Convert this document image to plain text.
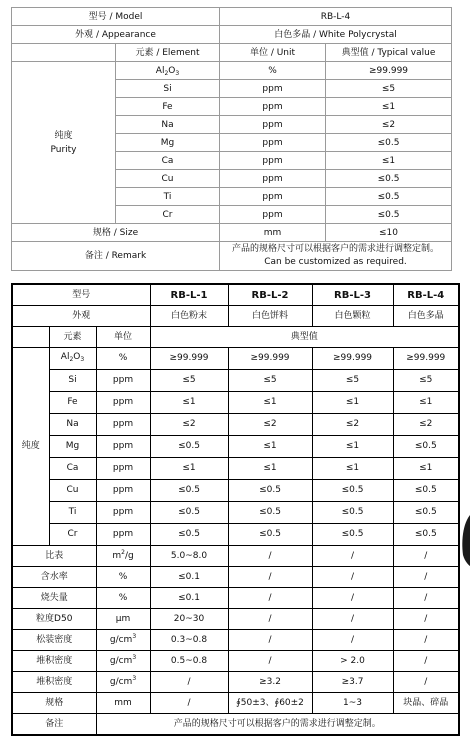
型号 / Model		RB-L-4	
外观 / Appearance		白色多晶 / White Polycrystal	
	元素 / Element	单位 / Unit	典型值 / Typical value

纯度
Purity	$Al_2O_3$	%	≥99.999
	Si	ppm	≤5
	Fe	ppm	≤1
	Na	ppm	≤2
	Mg	ppm	≤0.5
	Ca	ppm	≤1
	Cu	ppm	≤0.5
	Ti	ppm	≤0.5
	Cr	ppm	≤0.5
规格 / Size		mm	≤10
备注 / Remark		产品的规格尺寸可以根据客户的需求进行调整定制。
Can be customized as required.	
型号			RB-L-1	RB-L-2	RB-L-3	RB-L-4
外观			白色粉末	白色饼料	白色颗粒	白色多晶
	元素	单位	典型值			
纯度	$Al_2O_3$	%	≥99.999	≥99.999	≥99.999	≥99.999
	Si	ppm	≤5	≤5	≤5	≤5
	Fe	ppm	≤1	≤1	≤1	≤1
	Na	ppm	≤2	≤2	≤2	≤2
	Mg	ppm	≤0.5	≤1	≤1	≤0.5
	Ca	ppm	≤1	≤1	≤1	≤1
	Cu	ppm	≤0.5	≤0.5	≤0.5	≤0.5
	Ti	ppm	≤0.5	≤0.5	≤0.5	≤0.5
	Cr	ppm	≤0.5	≤0.5	≤0.5	≤0.5
比表		$m^2/g$	5.0~8.0	/	/	/
含水率		%	≤0.1	/	/	/
烧失量		%	≤0.1	/	/	/
粒度D50		μm	20~30	/	/	/
松装密度		$g/cm^3$	0.3~0.8	/	/	/
堆积密度		$g/cm^3$	0.5~0.8	/	> 2.0	/
堆积密度		$g/cm^3$	/	≥3.2	≥3.7	/
规格		mm	/	∮50±3、∮60±2	1~3	块晶、碎晶
备注		产品的规格尺寸可以根据客户的需求进行调整定制。				
